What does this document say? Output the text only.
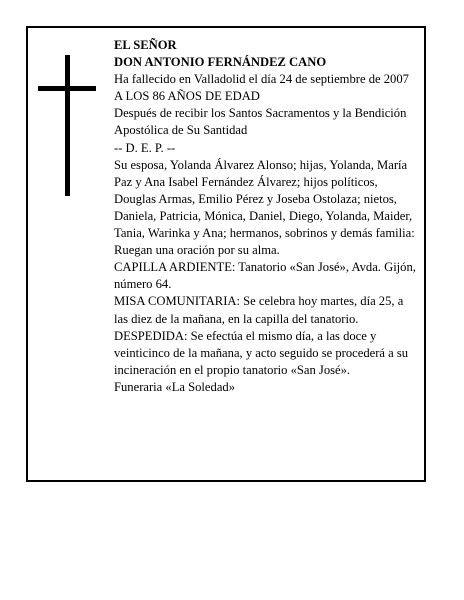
EL SEÑOR

DON ANTONIO FERNÁNDEZ CANO

Ha fallecido en Valladolid el día 24 de septiembre de 2007

A LOS 86 AÑOS DE EDAD

Después de recibir los Santos Sacramentos y la Bendición Apostólica de Su Santidad

-- D. E. P. --

Su esposa, Yolanda Álvarez Alonso; hijas, Yolanda, María Paz y Ana Isabel Fernández Álvarez; hijos políticos, Douglas Armas, Emilio Pérez y Joseba Ostolaza; nietos, Daniela, Patricia, Mónica, Daniel, Diego, Yolanda, Maider, Tania, Warinka y Ana; hermanos, sobrinos y demás familia:

Ruegan una oración por su alma.

CAPILLA ARDIENTE: Tanatorio «San José», Avda. Gijón, número 64.

MISA COMUNITARIA: Se celebra hoy martes, día 25, a las diez de la mañana, en la capilla del tanatorio.

DESPEDIDA: Se efectúa el mismo día, a las doce y veinticinco de la mañana, y acto seguido se procederá a su incineración en el propio tanatorio «San José».

Funeraria «La Soledad»
